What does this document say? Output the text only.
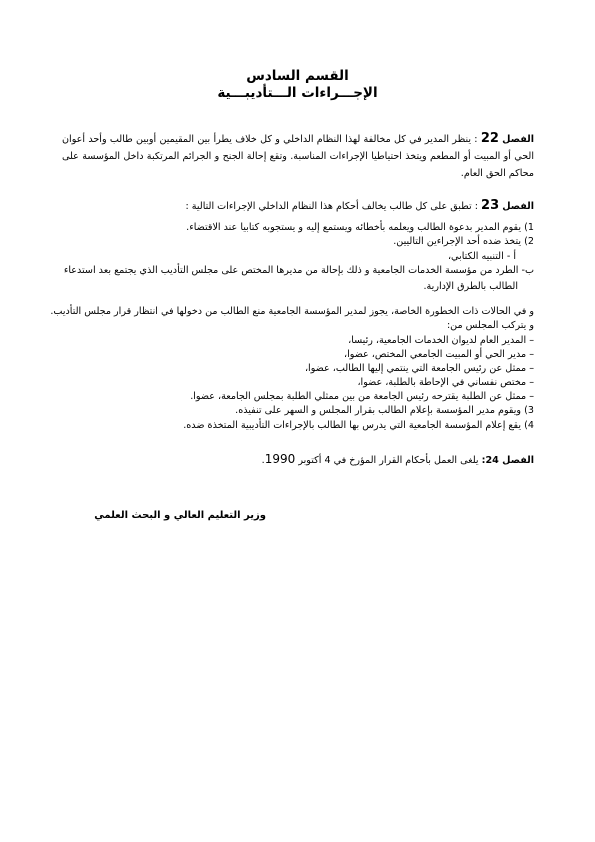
القسم السادس
الإجـــراءات الـــتأديبـــية
الفصل 22 : ينظر المدير في كل مخالفة لهذا النظام الداخلي و كل خلاف يطرأ بين المقيمين أوبين طالب وأحد أعوان الحي أو المبيت أو المطعم ويتخذ احتياطيا الإجراءات المناسبة. وتقع إحالة الجنح و الجرائم المرتكبة داخل المؤسسة على محاكم الحق العام.
الفصل 23 : تطبق على كل طالب يخالف أحكام هذا النظام الداخلي الإجراءات التالية :
1) يقوم المدير بدعوة الطالب ويعلمه بأخطائه ويستمع إليه و يستجوبه كتابيا عند الاقتضاء.
2) يتخذ ضده أحد الإجراءين التاليين.
أ - التنبيه الكتابي،
ب- الطرد من مؤسسة الخدمات الجامعية و ذلك بإحالة من مديرها المختص على مجلس التأديب الذي يجتمع بعد استدعاء
الطالب بالطرق الإدارية.
و في الحالات ذات الخطورة الخاصة، يجوز لمدير المؤسسة الجامعية منع الطالب من دخولها في انتظار قرار مجلس التأديب.
و يتركب المجلس من:
– المدير العام لديوان الخدمات الجامعية، رئيسا،
– مدير الحي أو المبيت الجامعي المختص، عضوا،
– ممثل عن رئيس الجامعة التي ينتمي إليها الطالب، عضوا،
– مختص نفساني في الإحاطة بالطلبة، عضوا،
– ممثل عن الطلبة يقترحه رئيس الجامعة من بين ممثلي الطلبة بمجلس الجامعة، عضوا.
3) ويقوم مدير المؤسسة بإعلام الطالب بقرار المجلس و السهر على تنفيذه.
4) يقع إعلام المؤسسة الجامعية التي يدرس بها الطالب بالإجراءات التأديبية المتخذة ضده.
الفصل 24: يلغى العمل بأحكام القرار المؤرخ في 4 أكتوبر 1990.
وزير التعليم العالي و البحث العلمي
